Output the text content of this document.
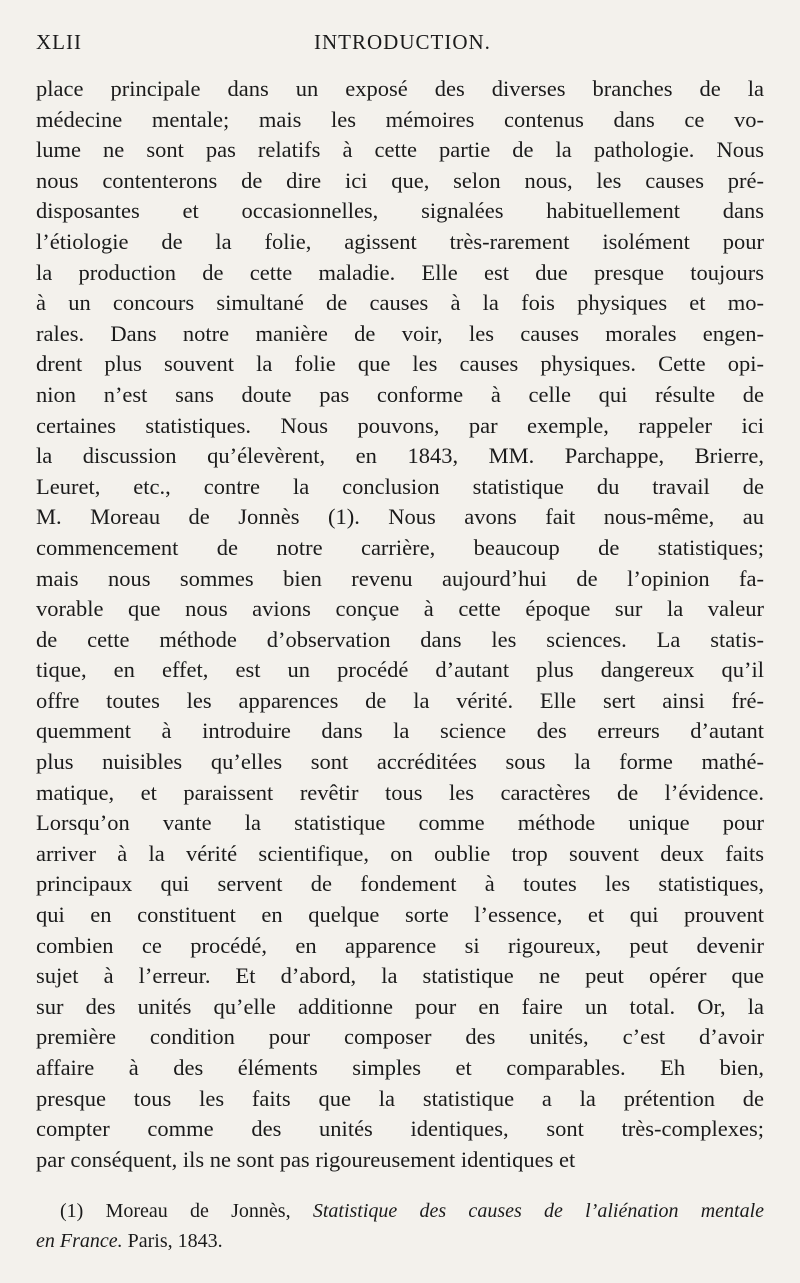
XLII	INTRODUCTION.
place principale dans un exposé des diverses branches de la
médecine mentale; mais les mémoires contenus dans ce vo-
lume ne sont pas relatifs à cette partie de la pathologie. Nous
nous contenterons de dire ici que, selon nous, les causes pré-
disposantes et occasionnelles, signalées habituellement dans
l’étiologie de la folie, agissent très-rarement isolément pour
la production de cette maladie. Elle est due presque toujours
à un concours simultané de causes à la fois physiques et mo-
rales. Dans notre manière de voir, les causes morales engen-
drent plus souvent la folie que les causes physiques. Cette opi-
nion n’est sans doute pas conforme à celle qui résulte de
certaines statistiques. Nous pouvons, par exemple, rappeler ici
la discussion qu’élevèrent, en 1843, MM. Parchappe, Brierre,
Leuret, etc., contre la conclusion statistique du travail de
M. Moreau de Jonnès (1). Nous avons fait nous-même, au
commencement de notre carrière, beaucoup de statistiques;
mais nous sommes bien revenu aujourd’hui de l’opinion fa-
vorable que nous avions conçue à cette époque sur la valeur
de cette méthode d’observation dans les sciences. La statis-
tique, en effet, est un procédé d’autant plus dangereux qu’il
offre toutes les apparences de la vérité. Elle sert ainsi fré-
quemment à introduire dans la science des erreurs d’autant
plus nuisibles qu’elles sont accréditées sous la forme mathé-
matique, et paraissent revêtir tous les caractères de l’évidence.
Lorsqu’on vante la statistique comme méthode unique pour
arriver à la vérité scientifique, on oublie trop souvent deux faits
principaux qui servent de fondement à toutes les statistiques,
qui en constituent en quelque sorte l’essence, et qui prouvent
combien ce procédé, en apparence si rigoureux, peut devenir
sujet à l’erreur. Et d’abord, la statistique ne peut opérer que
sur des unités qu’elle additionne pour en faire un total. Or, la
première condition pour composer des unités, c’est d’avoir
affaire à des éléments simples et comparables. Eh bien,
presque tous les faits que la statistique a la prétention de
compter comme des unités identiques, sont très-complexes;
par conséquent, ils ne sont pas rigoureusement identiques et
(1) Moreau de Jonnès, Statistique des causes de l’aliénation mentale
en France. Paris, 1843.
